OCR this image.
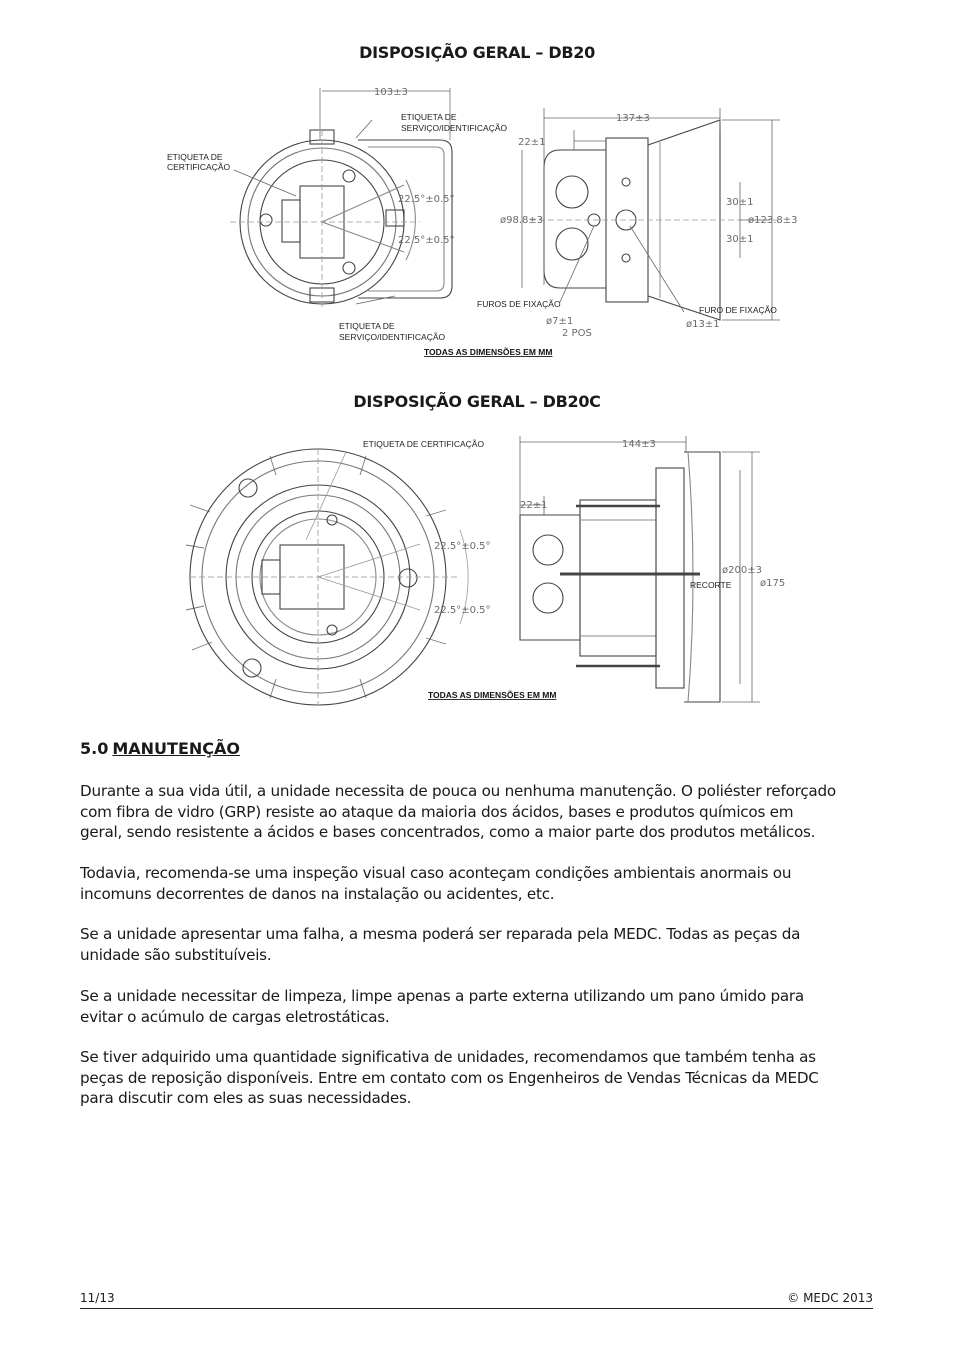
DISPOSIÇÃO GERAL – DB20
103±3
ETIQUETA DE
SERVIÇO/IDENTIFICAÇÃO
ETIQUETA DE
CERTIFICAÇÃO
22.5°±0.5°
22.5°±0.5°
ETIQUETA DE
SERVIÇO/IDENTIFICAÇÃO
TODAS AS DIMENSÕES EM MM
137±3
22±1
ø98.8±3
30±1
30±1
ø123.8±3
FUROS DE FIXAÇÃO
ø7±1
2 POS
FURO DE FIXAÇÃO
ø13±1
DISPOSIÇÃO GERAL – DB20C
ETIQUETA DE CERTIFICAÇÃO	144±3
22±1
22.5°±0.5°
22.5°±0.5°
ø200±3
RECORTE	ø175
TODAS AS DIMENSÕES EM MM
5.0 MANUTENÇÃO
Durante a sua vida útil, a unidade necessita de pouca ou nenhuma manutenção. O poliéster reforçado
com fibra de vidro (GRP) resiste ao ataque da maioria dos ácidos, bases e produtos químicos em
geral, sendo resistente a ácidos e bases concentrados, como a maior parte dos produtos metálicos.
Todavia, recomenda-se uma inspeção visual caso aconteçam condições ambientais anormais ou
incomuns decorrentes de danos na instalação ou acidentes, etc.
Se a unidade apresentar uma falha, a mesma poderá ser reparada pela MEDC. Todas as peças da
unidade são substituíveis.
Se a unidade necessitar de limpeza, limpe apenas a parte externa utilizando um pano úmido para
evitar o acúmulo de cargas eletrostáticas.
Se tiver adquirido uma quantidade significativa de unidades, recomendamos que também tenha as
peças de reposição disponíveis. Entre em contato com os Engenheiros de Vendas Técnicas da MEDC
para discutir com eles as suas necessidades.
11/13	© MEDC 2013
